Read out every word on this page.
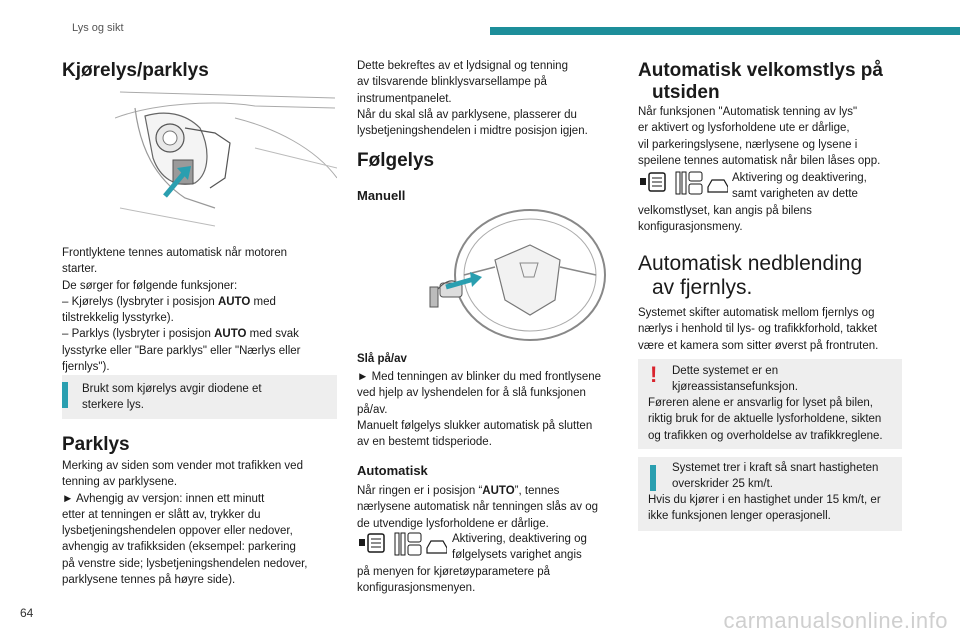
Lys og sikt
Kjørelys/parklys
Frontlyktene tennes automatisk når motoren
starter.
De sørger for følgende funksjoner:
– Kjørelys (lysbryter i posisjon AUTO med
tilstrekkelig lysstyrke).
– Parklys (lysbryter i posisjon AUTO med svak
lysstyrke eller "Bare parklys" eller "Nærlys eller
fjernlys").
Brukt som kjørelys avgir diodene et
sterkere lys.
Parklys
Merking av siden som vender mot trafikken ved
tenning av parklysene.
► Avhengig av versjon: innen ett minutt
etter at tenningen er slått av, trykker du
lysbetjeningshendelen oppover eller nedover,
avhengig av trafikksiden (eksempel: parkering
på venstre side; lysbetjeningshendelen nedover,
parklysene tennes på høyre side).
64
Dette bekreftes av et lydsignal og tenning
av tilsvarende blinklysvarsellampe på
instrumentpanelet.
Når du skal slå av parklysene, plasserer du
lysbetjeningshendelen i midtre posisjon igjen.
Følgelys
Manuell
Slå på/av
► Med tenningen av blinker du med frontlysene
ved hjelp av lyshendelen for å slå funksjonen
på/av.
Manuelt følgelys slukker automatisk på slutten
av en bestemt tidsperiode.
Automatisk
Når ringen er i posisjon “AUTO”, tennes
nærlysene automatisk når tenningen slås av og
de utvendige lysforholdene er dårlige.
Aktivering, deaktivering og
følgelysets varighet angis
på menyen for kjøretøyparametere på
konfigurasjonsmenyen.
Automatisk velkomstlys på
utsiden
Når funksjonen "Automatisk tenning av lys"
er aktivert og lysforholdene ute er dårlige,
vil parkeringslysene, nærlysene og lysene i
speilene tennes automatisk når bilen låses opp.
Aktivering og deaktivering,
samt varigheten av dette
velkomstlyset, kan angis på bilens
konfigurasjonsmeny.
Automatisk nedblending
av fjernlys.
Systemet skifter automatisk mellom fjernlys og
nærlys i henhold til lys- og trafikkforhold, takket
være et kamera som sitter øverst på frontruten.
! Dette systemet er en
kjøreassistansefunksjon.
Føreren alene er ansvarlig for lyset på bilen,
riktig bruk for de aktuelle lysforholdene, sikten
og trafikken og overholdelse av trafikkreglene.
Systemet trer i kraft så snart hastigheten
overskrider 25 km/t.
Hvis du kjører i en hastighet under 15 km/t, er
ikke funksjonen lenger operasjonell.
carmanualsonline.info
